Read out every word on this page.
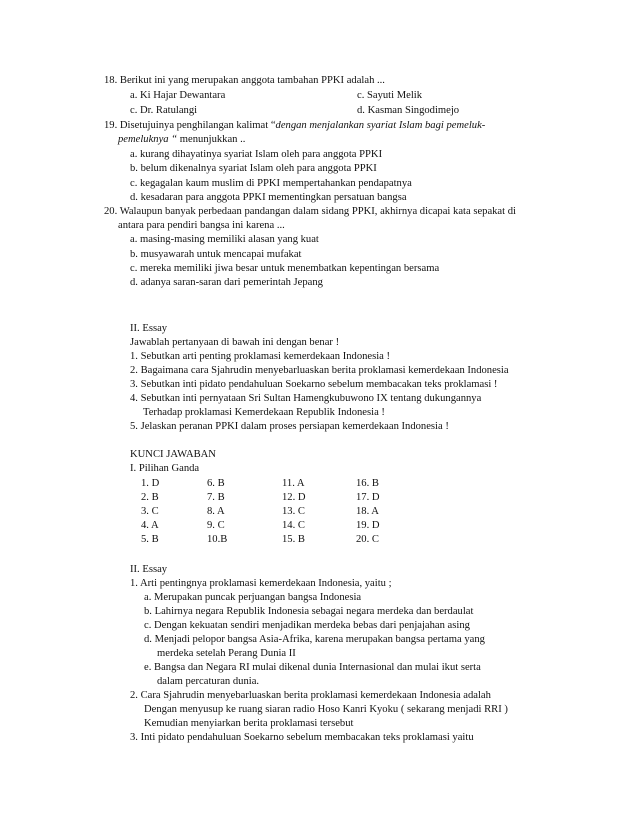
18. Berikut ini yang merupakan anggota tambahan PPKI adalah ...
a. Ki Hajar Dewantara	c. Sayuti Melik
c. Dr. Ratulangi	d. Kasman Singodimejo
19. Disetujuinya penghilangan kalimat “dengan menjalankan syariat Islam bagi pemeluk-
pemeluknya “ menunjukkan ..
a. kurang dihayatinya syariat Islam oleh para anggota PPKI
b. belum dikenalnya syariat Islam oleh para anggota PPKI
c. kegagalan kaum muslim di PPKI mempertahankan pendapatnya
d. kesadaran para anggota PPKI mementingkan persatuan bangsa
20. Walaupun banyak perbedaan pandangan dalam sidang PPKI, akhirnya dicapai kata sepakat di
antara para pendiri bangsa ini karena ...
a. masing-masing memiliki alasan yang kuat
b. musyawarah untuk mencapai mufakat
c. mereka memiliki jiwa besar untuk menembatkan kepentingan bersama
d. adanya saran-saran dari pemerintah Jepang
II. Essay
Jawablah pertanyaan di bawah ini dengan benar !
1. Sebutkan arti penting proklamasi kemerdekaan Indonesia !
2. Bagaimana cara Sjahrudin menyebarluaskan berita proklamasi kemerdekaan Indonesia
3. Sebutkan inti pidato pendahuluan Soekarno sebelum membacakan teks proklamasi !
4. Sebutkan inti pernyataan Sri Sultan Hamengkubuwono IX tentang dukungannya
Terhadap proklamasi Kemerdekaan Republik Indonesia !
5. Jelaskan peranan PPKI dalam proses persiapan kemerdekaan Indonesia !
KUNCI JAWABAN
I. Pilihan Ganda
1. D	6. B	11. A	16. B
2. B	7. B	12. D	17. D
3. C	8. A	13. C	18. A
4. A	9. C	14. C	19. D
5. B	10.B	15. B	20. C
II. Essay
1. Arti pentingnya proklamasi kemerdekaan Indonesia, yaitu ;
a. Merupakan puncak perjuangan bangsa Indonesia
b. Lahirnya negara Republik Indonesia sebagai negara merdeka dan berdaulat
c. Dengan kekuatan sendiri menjadikan merdeka bebas dari penjajahan asing
d. Menjadi pelopor bangsa Asia-Afrika, karena merupakan bangsa pertama yang
merdeka setelah Perang Dunia II
e. Bangsa dan Negara RI mulai dikenal dunia Internasional dan mulai ikut serta
dalam percaturan dunia.
2. Cara Sjahrudin menyebarluaskan berita proklamasi kemerdekaan Indonesia adalah
Dengan menyusup ke ruang siaran radio Hoso Kanri Kyoku ( sekarang menjadi RRI )
Kemudian menyiarkan berita proklamasi tersebut
3. Inti pidato pendahuluan Soekarno sebelum membacakan teks proklamasi yaitu
